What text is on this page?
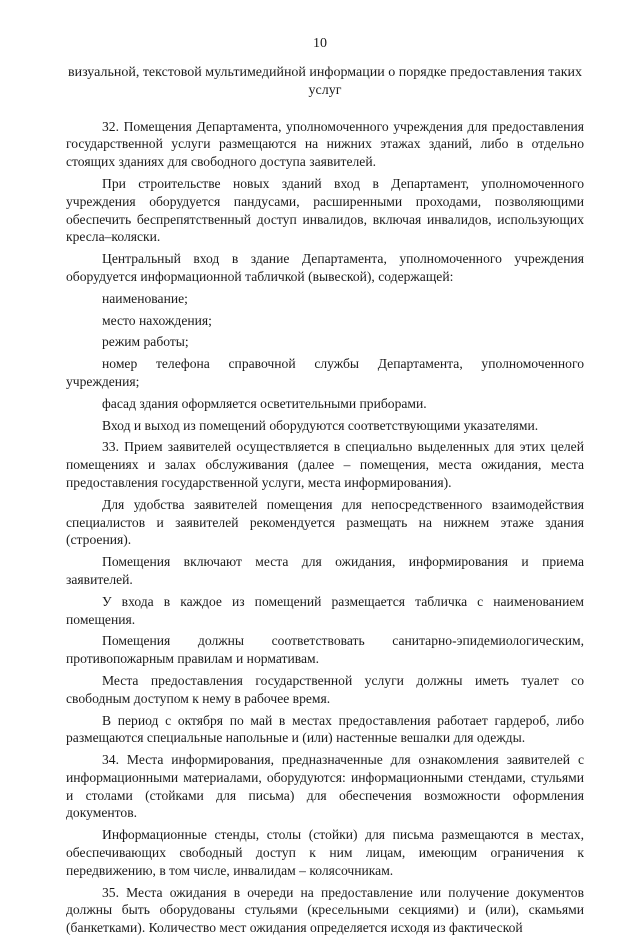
10
визуальной, текстовой мультимедийной информации о порядке предоставления таких услуг

32. Помещения Департамента, уполномоченного учреждения для предоставления государственной услуги размещаются на нижних этажах зданий, либо в отдельно стоящих зданиях для свободного доступа заявителей.

При строительстве новых зданий вход в Департамент, уполномоченного учреждения оборудуется пандусами, расширенными проходами, позволяющими обеспечить беспрепятственный доступ инвалидов, включая инвалидов, использующих кресла–коляски.

Центральный вход в здание Департамента, уполномоченного учреждения оборудуется информационной табличкой (вывеской), содержащей:

наименование;

место нахождения;

режим работы;

номер телефона справочной службы Департамента, уполномоченного учреждения;

фасад здания оформляется осветительными приборами.

Вход и выход из помещений оборудуются соответствующими указателями.

33. Прием заявителей осуществляется в специально выделенных для этих целей помещениях и залах обслуживания (далее – помещения, места ожидания, места предоставления государственной услуги, места информирования).

Для удобства заявителей помещения для непосредственного взаимодействия специалистов и заявителей рекомендуется размещать на нижнем этаже здания (строения).

Помещения включают места для ожидания, информирования и приема заявителей.

У входа в каждое из помещений размещается табличка с наименованием помещения.

Помещения должны соответствовать санитарно-эпидемиологическим, противопожарным правилам и нормативам.

Места предоставления государственной услуги должны иметь туалет со свободным доступом к нему в рабочее время.

В период с октября по май в местах предоставления работает гардероб, либо размещаются специальные напольные и (или) настенные вешалки для одежды.

34. Места информирования, предназначенные для ознакомления заявителей с информационными материалами, оборудуются: информационными стендами, стульями и столами (стойками для письма) для обеспечения возможности оформления документов.

Информационные стенды, столы (стойки) для письма размещаются в местах, обеспечивающих свободный доступ к ним лицам, имеющим ограничения к передвижению, в том числе, инвалидам – колясочникам.

35. Места ожидания в очереди на предоставление или получение документов должны быть оборудованы стульями (кресельными секциями) и (или), скамьями (банкетками). Количество мест ожидания определяется исходя из фактической
